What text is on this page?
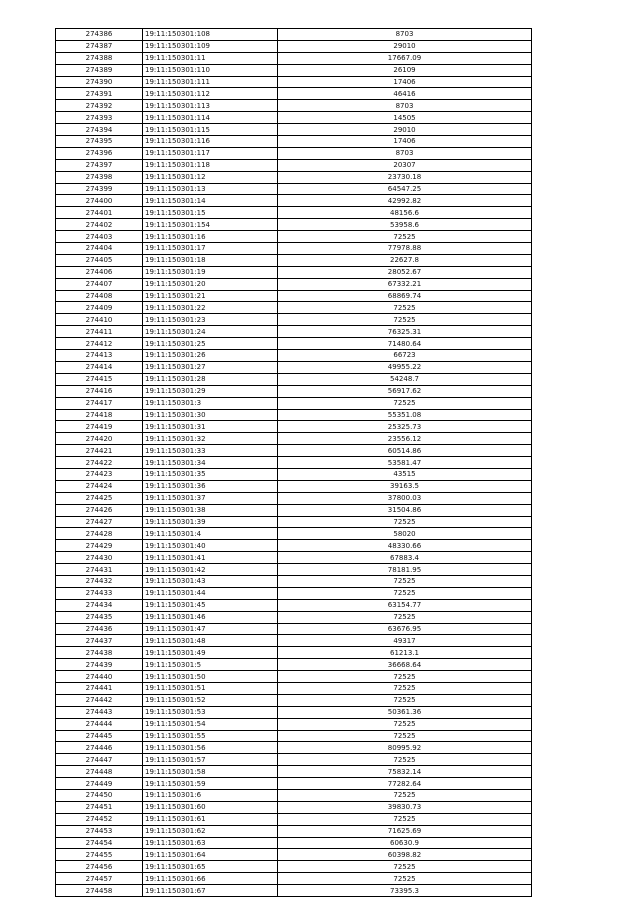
274386	19:11:150301:108	8703
274387	19:11:150301:109	29010
274388	19:11:150301:11	17667.09
274389	19:11:150301:110	26109
274390	19:11:150301:111	17406
274391	19:11:150301:112	46416
274392	19:11:150301:113	8703
274393	19:11:150301:114	14505
274394	19:11:150301:115	29010
274395	19:11:150301:116	17406
274396	19:11:150301:117	8703
274397	19:11:150301:118	20307
274398	19:11:150301:12	23730.18
274399	19:11:150301:13	64547.25
274400	19:11:150301:14	42992.82
274401	19:11:150301:15	48156.6
274402	19:11:150301:154	53958.6
274403	19:11:150301:16	72525
274404	19:11:150301:17	77978.88
274405	19:11:150301:18	22627.8
274406	19:11:150301:19	28052.67
274407	19:11:150301:20	67332.21
274408	19:11:150301:21	68869.74
274409	19:11:150301:22	72525
274410	19:11:150301:23	72525
274411	19:11:150301:24	76325.31
274412	19:11:150301:25	71480.64
274413	19:11:150301:26	66723
274414	19:11:150301:27	49955.22
274415	19:11:150301:28	54248.7
274416	19:11:150301:29	56917.62
274417	19:11:150301:3	72525
274418	19:11:150301:30	55351.08
274419	19:11:150301:31	25325.73
274420	19:11:150301:32	23556.12
274421	19:11:150301:33	60514.86
274422	19:11:150301:34	53581.47
274423	19:11:150301:35	43515
274424	19:11:150301:36	39163.5
274425	19:11:150301:37	37800.03
274426	19:11:150301:38	31504.86
274427	19:11:150301:39	72525
274428	19:11:150301:4	58020
274429	19:11:150301:40	48330.66
274430	19:11:150301:41	67883.4
274431	19:11:150301:42	78181.95
274432	19:11:150301:43	72525
274433	19:11:150301:44	72525
274434	19:11:150301:45	63154.77
274435	19:11:150301:46	72525
274436	19:11:150301:47	63676.95
274437	19:11:150301:48	49317
274438	19:11:150301:49	61213.1
274439	19:11:150301:5	36668.64
274440	19:11:150301:50	72525
274441	19:11:150301:51	72525
274442	19:11:150301:52	72525
274443	19:11:150301:53	50361.36
274444	19:11:150301:54	72525
274445	19:11:150301:55	72525
274446	19:11:150301:56	80995.92
274447	19:11:150301:57	72525
274448	19:11:150301:58	75832.14
274449	19:11:150301:59	77282.64
274450	19:11:150301:6	72525
274451	19:11:150301:60	39830.73
274452	19:11:150301:61	72525
274453	19:11:150301:62	71625.69
274454	19:11:150301:63	60630.9
274455	19:11:150301:64	60398.82
274456	19:11:150301:65	72525
274457	19:11:150301:66	72525
274458	19:11:150301:67	73395.3
